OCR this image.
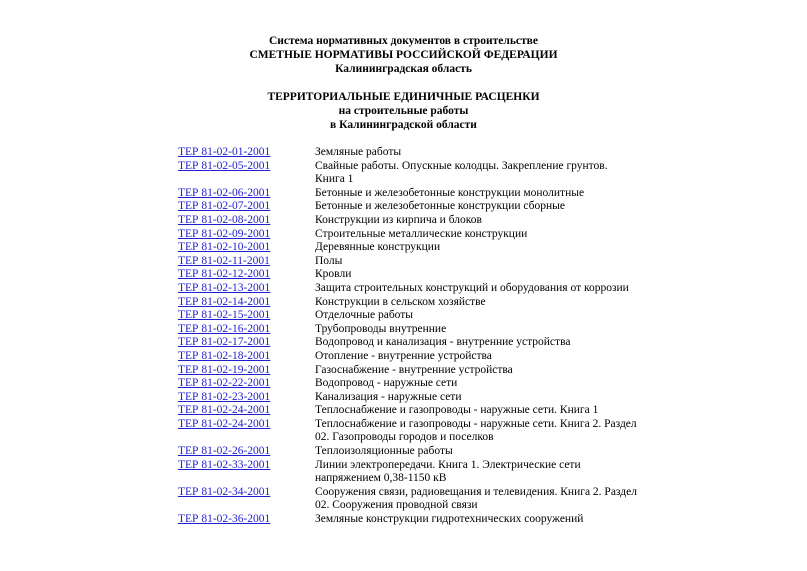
Система нормативных документов в строительстве
СМЕТНЫЕ НОРМАТИВЫ РОССИЙСКОЙ ФЕДЕРАЦИИ
Калининградская область
ТЕРРИТОРИАЛЬНЫЕ ЕДИНИЧНЫЕ РАСЦЕНКИ
на строительные работы
в Калининградской области
ТЕР 81-02-01-2001	Земляные работы
ТЕР 81-02-05-2001	Свайные работы. Опускные колодцы. Закрепление грунтов. Книга 1
ТЕР 81-02-06-2001	Бетонные и железобетонные конструкции монолитные
ТЕР 81-02-07-2001	Бетонные и железобетонные конструкции сборные
ТЕР 81-02-08-2001	Конструкции из кирпича и блоков
ТЕР 81-02-09-2001	Строительные металлические конструкции
ТЕР 81-02-10-2001	Деревянные конструкции
ТЕР 81-02-11-2001	Полы
ТЕР 81-02-12-2001	Кровли
ТЕР 81-02-13-2001	Защита строительных конструкций и оборудования от коррозии
ТЕР 81-02-14-2001	Конструкции в сельском хозяйстве
ТЕР 81-02-15-2001	Отделочные работы
ТЕР 81-02-16-2001	Трубопроводы внутренние
ТЕР 81-02-17-2001	Водопровод и канализация - внутренние устройства
ТЕР 81-02-18-2001	Отопление - внутренние устройства
ТЕР 81-02-19-2001	Газоснабжение - внутренние устройства
ТЕР 81-02-22-2001	Водопровод - наружные сети
ТЕР 81-02-23-2001	Канализация - наружные сети
ТЕР 81-02-24-2001	Теплоснабжение и газопроводы - наружные сети. Книга 1
ТЕР 81-02-24-2001	Теплоснабжение и газопроводы - наружные сети. Книга 2. Раздел 02. Газопроводы городов и поселков
ТЕР 81-02-26-2001	Теплоизоляционные работы
ТЕР 81-02-33-2001	Линии электропередачи. Книга 1. Электрические сети напряжением 0,38-1150 кВ
ТЕР 81-02-34-2001	Сооружения связи, радиовещания и телевидения. Книга 2. Раздел 02. Сооружения проводной связи
ТЕР 81-02-36-2001	Земляные конструкции гидротехнических сооружений
